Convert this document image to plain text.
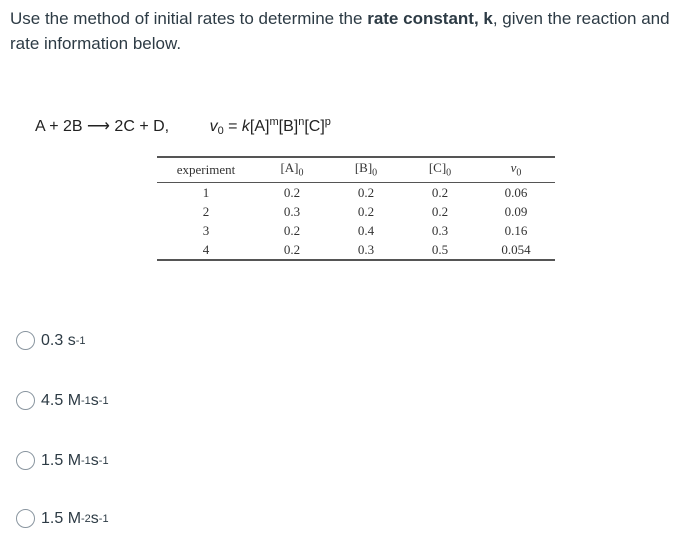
Use the method of initial rates to determine the rate constant, k, given the reaction and rate information below.
A + 2B ⟶ 2C + D,	$v_0 = k[A]^m[B]^n[C]^p$
experiment	$[A]_0$	$[B]_0$	$[C]_0$	$v_0$
1	0.2	0.2	0.2	0.06
2	0.3	0.2	0.2	0.09
3	0.2	0.4	0.3	0.16
4	0.2	0.3	0.5	0.054
0.3 s -1
4.5 M -1 s -1
1.5 M -1 s -1
1.5 M -2 s -1
